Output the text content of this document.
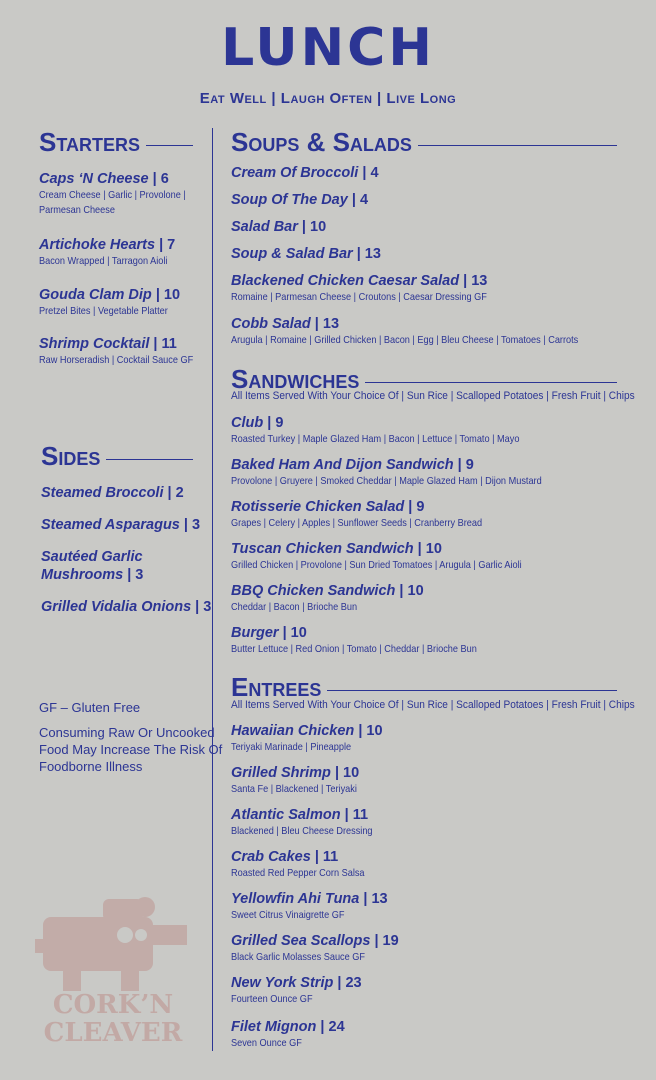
LUNCH
Eat Well | Laugh Often | Live Long
Starters
Caps ‘N Cheese | 6
Cream Cheese | Garlic | Provolone |
Parmesan Cheese
Artichoke Hearts | 7
Bacon Wrapped | Tarragon Aioli
Gouda Clam Dip | 10
Pretzel Bites | Vegetable Platter
Shrimp Cocktail | 11
Raw Horseradish | Cocktail Sauce GF
Sides
Steamed Broccoli | 2
Steamed Asparagus | 3
Sautéed Garlic
Mushrooms | 3
Grilled Vidalia Onions | 3
GF – Gluten Free
Consuming Raw Or Uncooked
Food May Increase The Risk Of
Foodborne Illness
CORK’N
CLEAVER
Soups & Salads
Cream Of Broccoli | 4
Soup Of The Day | 4
Salad Bar | 10
Soup & Salad Bar | 13
Blackened Chicken Caesar Salad | 13
Romaine | Parmesan Cheese | Croutons | Caesar Dressing GF
Cobb Salad | 13
Arugula | Romaine | Grilled Chicken | Bacon | Egg | Bleu Cheese | Tomatoes | Carrots
Sandwiches
All Items Served With Your Choice Of | Sun Rice | Scalloped Potatoes | Fresh Fruit | Chips
Club | 9
Roasted Turkey | Maple Glazed Ham | Bacon | Lettuce | Tomato | Mayo
Baked Ham And Dijon Sandwich | 9
Provolone | Gruyere | Smoked Cheddar | Maple Glazed Ham | Dijon Mustard
Rotisserie Chicken Salad | 9
Grapes | Celery | Apples | Sunflower Seeds | Cranberry Bread
Tuscan Chicken Sandwich | 10
Grilled Chicken | Provolone | Sun Dried Tomatoes | Arugula | Garlic Aioli
BBQ Chicken Sandwich | 10
Cheddar | Bacon | Brioche Bun
Burger | 10
Butter Lettuce | Red Onion | Tomato | Cheddar | Brioche Bun
Entrees
All Items Served With Your Choice Of | Sun Rice | Scalloped Potatoes | Fresh Fruit | Chips
Hawaiian Chicken | 10
Teriyaki Marinade | Pineapple
Grilled Shrimp | 10
Santa Fe | Blackened | Teriyaki
Atlantic Salmon | 11
Blackened | Bleu Cheese Dressing
Crab Cakes | 11
Roasted Red Pepper Corn Salsa
Yellowfin Ahi Tuna | 13
Sweet Citrus Vinaigrette GF
Grilled Sea Scallops | 19
Black Garlic Molasses Sauce GF
New York Strip | 23
Fourteen Ounce GF
Filet Mignon | 24
Seven Ounce GF
